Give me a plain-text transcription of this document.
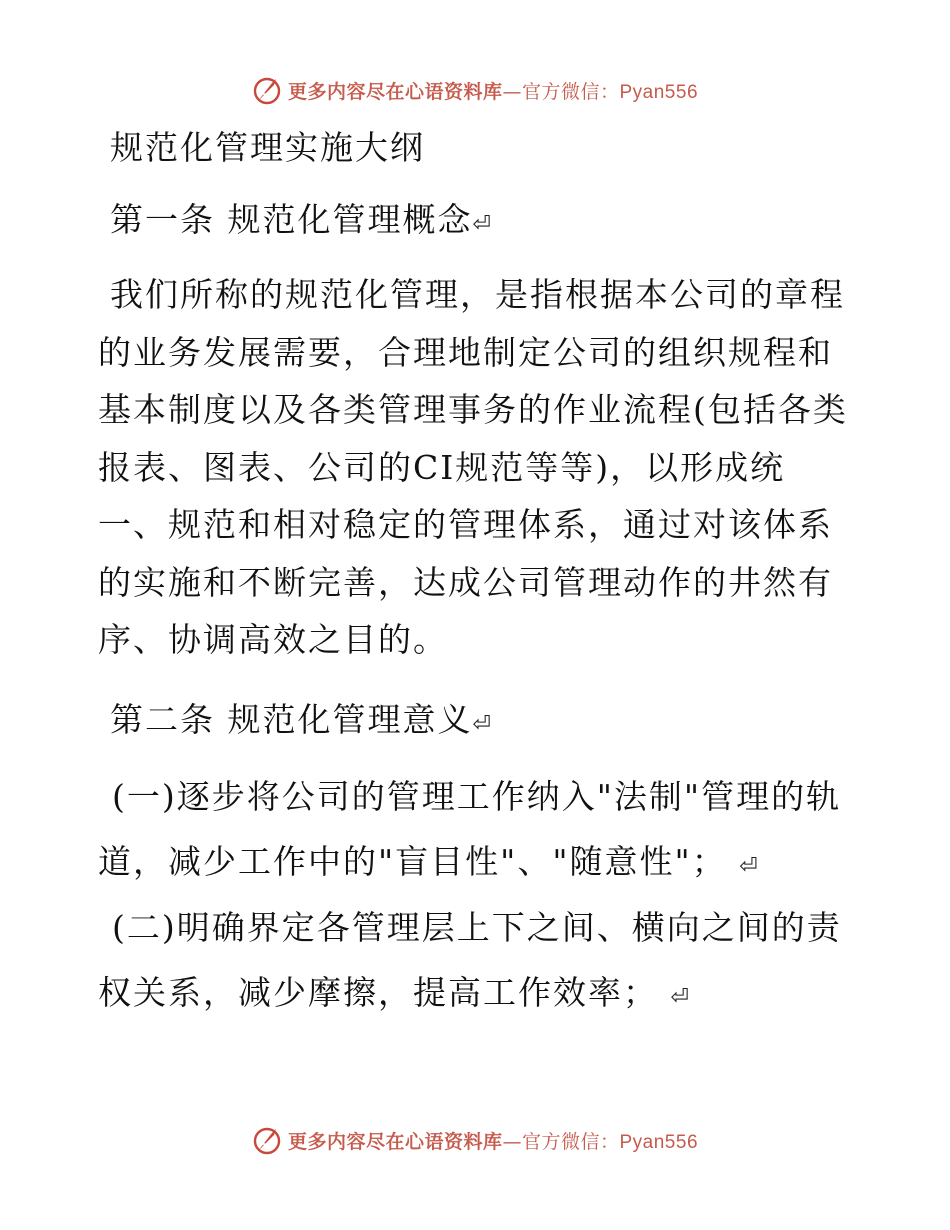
更多内容尽在心语资料库—官方微信：Pyan556
规范化管理实施大纲
第一条 规范化管理概念⏎
我们所称的规范化管理，是指根据本公司的章程的业务发展需要，合理地制定公司的组织规程和基本制度以及各类管理事务的作业流程(包括各类报表、图表、公司的CI规范等等)，以形成统一、规范和相对稳定的管理体系，通过对该体系的实施和不断完善，达成公司管理动作的井然有序、协调高效之目的。
第二条 规范化管理意义⏎
(一)逐步将公司的管理工作纳入"法制"管理的轨道，减少工作中的"盲目性"、"随意性"； ⏎
(二)明确界定各管理层上下之间、横向之间的责权关系，减少摩擦，提高工作效率； ⏎
更多内容尽在心语资料库—官方微信：Pyan556
